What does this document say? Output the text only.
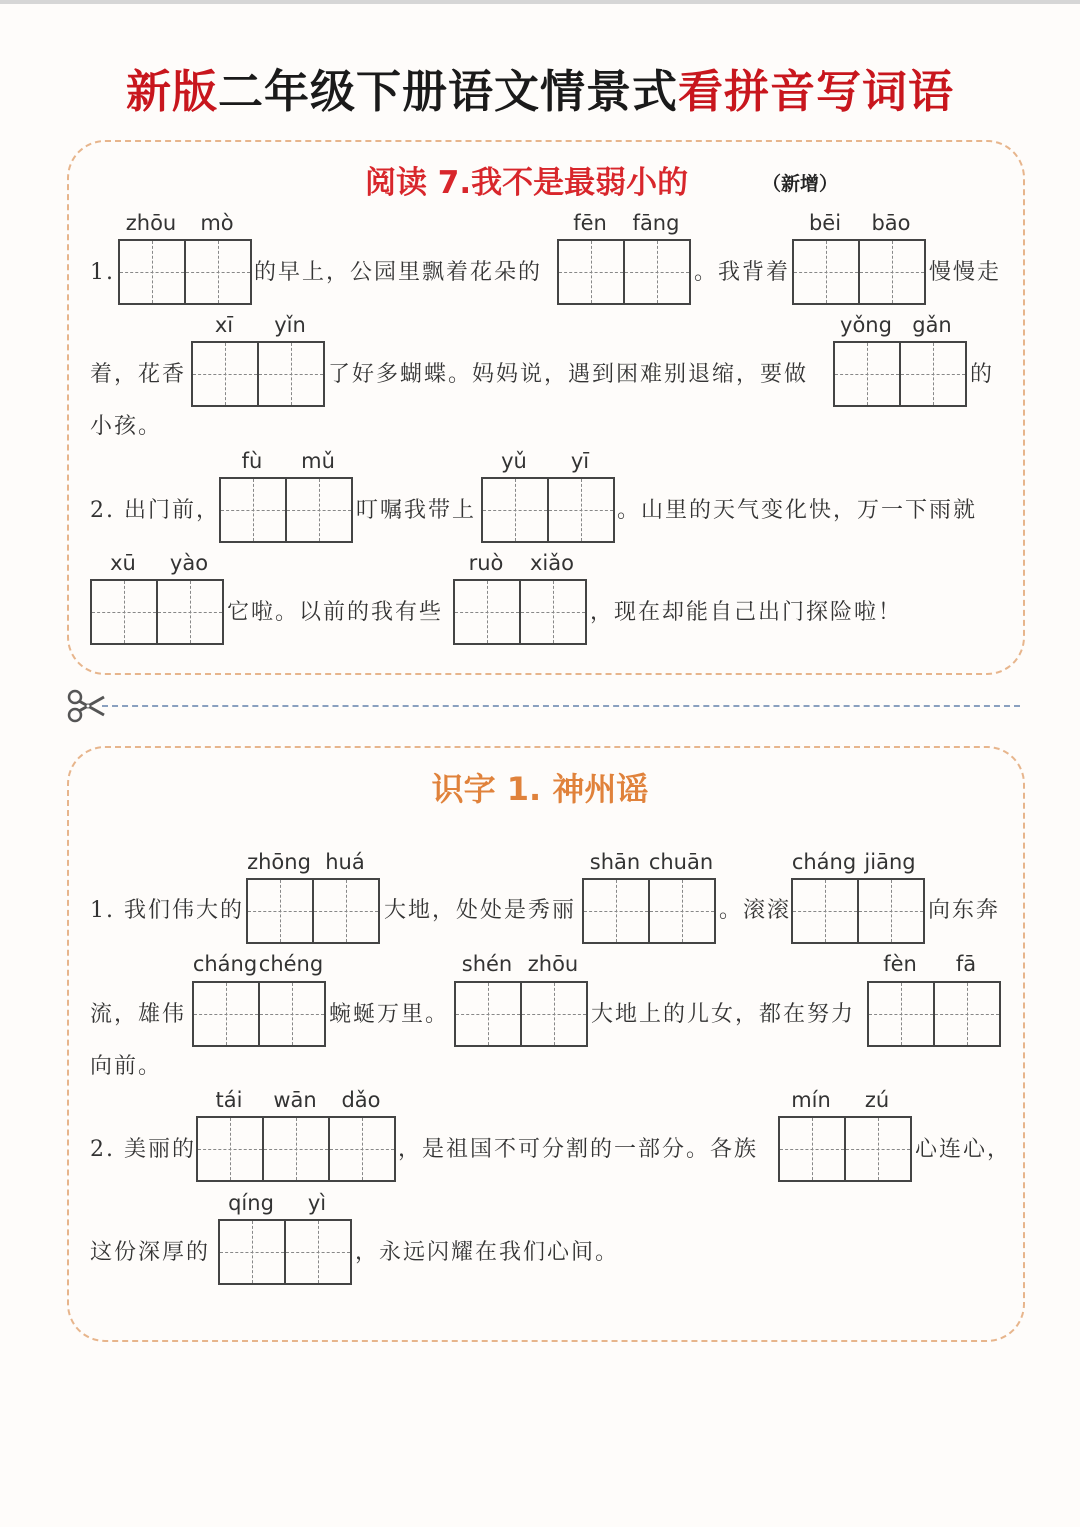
新版二年级下册语文情景式看拼音写词语
阅读 7.我不是最弱小的	（新增）
1.
zhōu	mò
的早上，公园里飘着花朵的
fēn	fāng
。我背着
bēi	bāo
慢慢走
着，花香
xī	yǐn
了好多蝴蝶。妈妈说，遇到困难别退缩，要做
yǒng gǎn
的
小孩。
2. 出门前，
fù	mǔ
叮嘱我带上
yǔ	yī
。山里的天气变化快，万一下雨就
xū	yào
它啦。以前的我有些
ruò	xiǎo
，现在却能自己出门探险啦！
识字 1. 神州谣
1. 我们伟大的
zhōng huá
大地，处处是秀丽
shān chuān
。滚滚
cháng jiāng
向东奔
流，雄伟
cháng chéng
蜿蜒万里。
shén zhōu
大地上的儿女，都在努力
fèn	fā
向前。
2. 美丽的
tái	wān	dǎo
，是祖国不可分割的一部分。各族
mín	zú
心连心，
这份深厚的
qíng	yì
，永远闪耀在我们心间。
